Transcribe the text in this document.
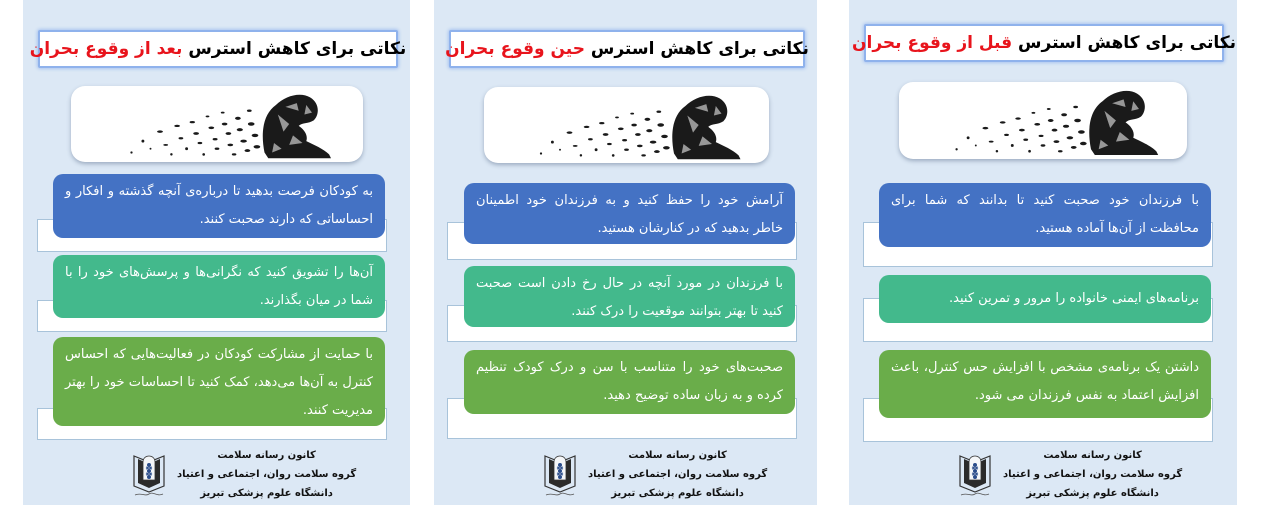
نکاتی برای کاهش استرس

بعد از وقوع بحران
به کودکان فرصت بدهید تا درباره‌ی آنچه گذشته و افکار و احساساتی که دارند صحبت کنند.
آن‌ها را تشویق کنید که نگرانی‌ها و پرسش‌های خود را با شما در میان بگذارند.
با حمایت از مشارکت کودکان در فعالیت‌هایی که احساس کنترل به آن‌ها می‌دهد، کمک کنید تا احساسات خود را بهتر مدیریت کنند.
کانون رسانه سلامت
گروه سلامت روان، اجتماعی و اعتیاد
دانشگاه علوم پزشکی تبریز
نکاتی برای کاهش استرس

حین وقوع بحران
آرامش خود را حفظ کنید و به فرزندان خود اطمینان خاطر بدهید که در کنارشان هستید.
با فرزندان در مورد آنچه در حال رخ دادن است صحبت کنید تا بهتر بتوانند موقعیت را درک کنند.
صحبت‌های خود را متناسب با سن و درک کودک تنظیم کرده و به زبان ساده توضیح دهید.
کانون رسانه سلامت
گروه سلامت روان، اجتماعی و اعتیاد
دانشگاه علوم پزشکی تبریز
نکاتی برای کاهش استرس

قبل از وقوع بحران
با فرزندان خود صحبت کنید تا بدانند که شما برای محافظت از آن‌ها آماده هستید.
برنامه‌های ایمنی خانواده را مرور و تمرین کنید.
داشتن یک برنامه‌ی مشخص با افزایش حس کنترل، باعث افزایش اعتماد به نفس فرزندان می شود.
کانون رسانه سلامت
گروه سلامت روان، اجتماعی و اعتیاد
دانشگاه علوم پزشکی تبریز
